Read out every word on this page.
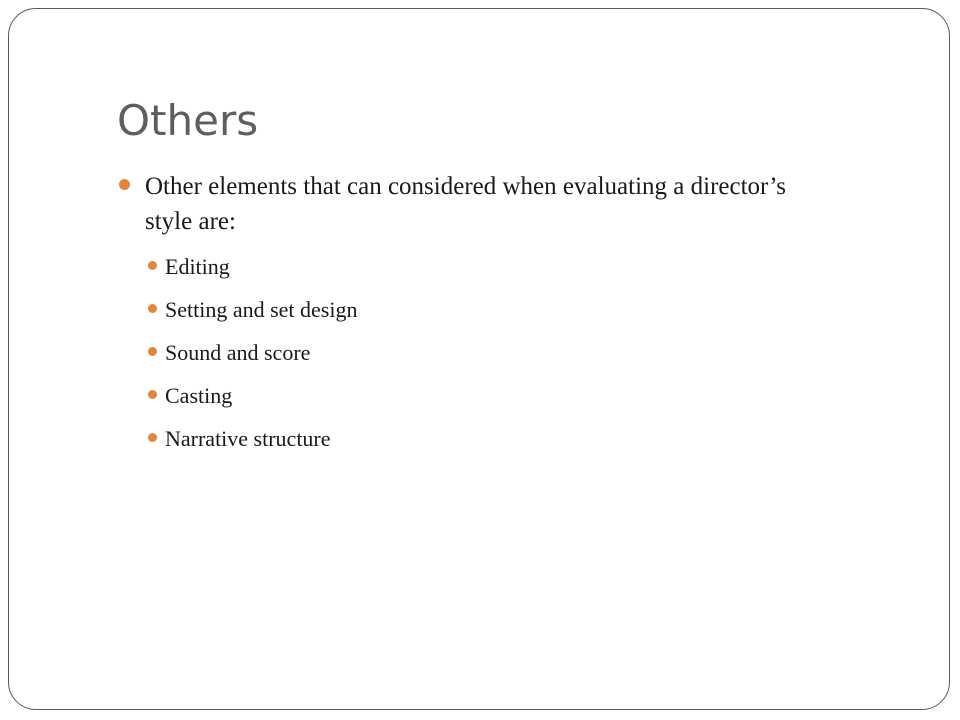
Others
Other elements that can considered when evaluating a director’s style are:
Editing
Setting and set design
Sound and score
Casting
Narrative structure
